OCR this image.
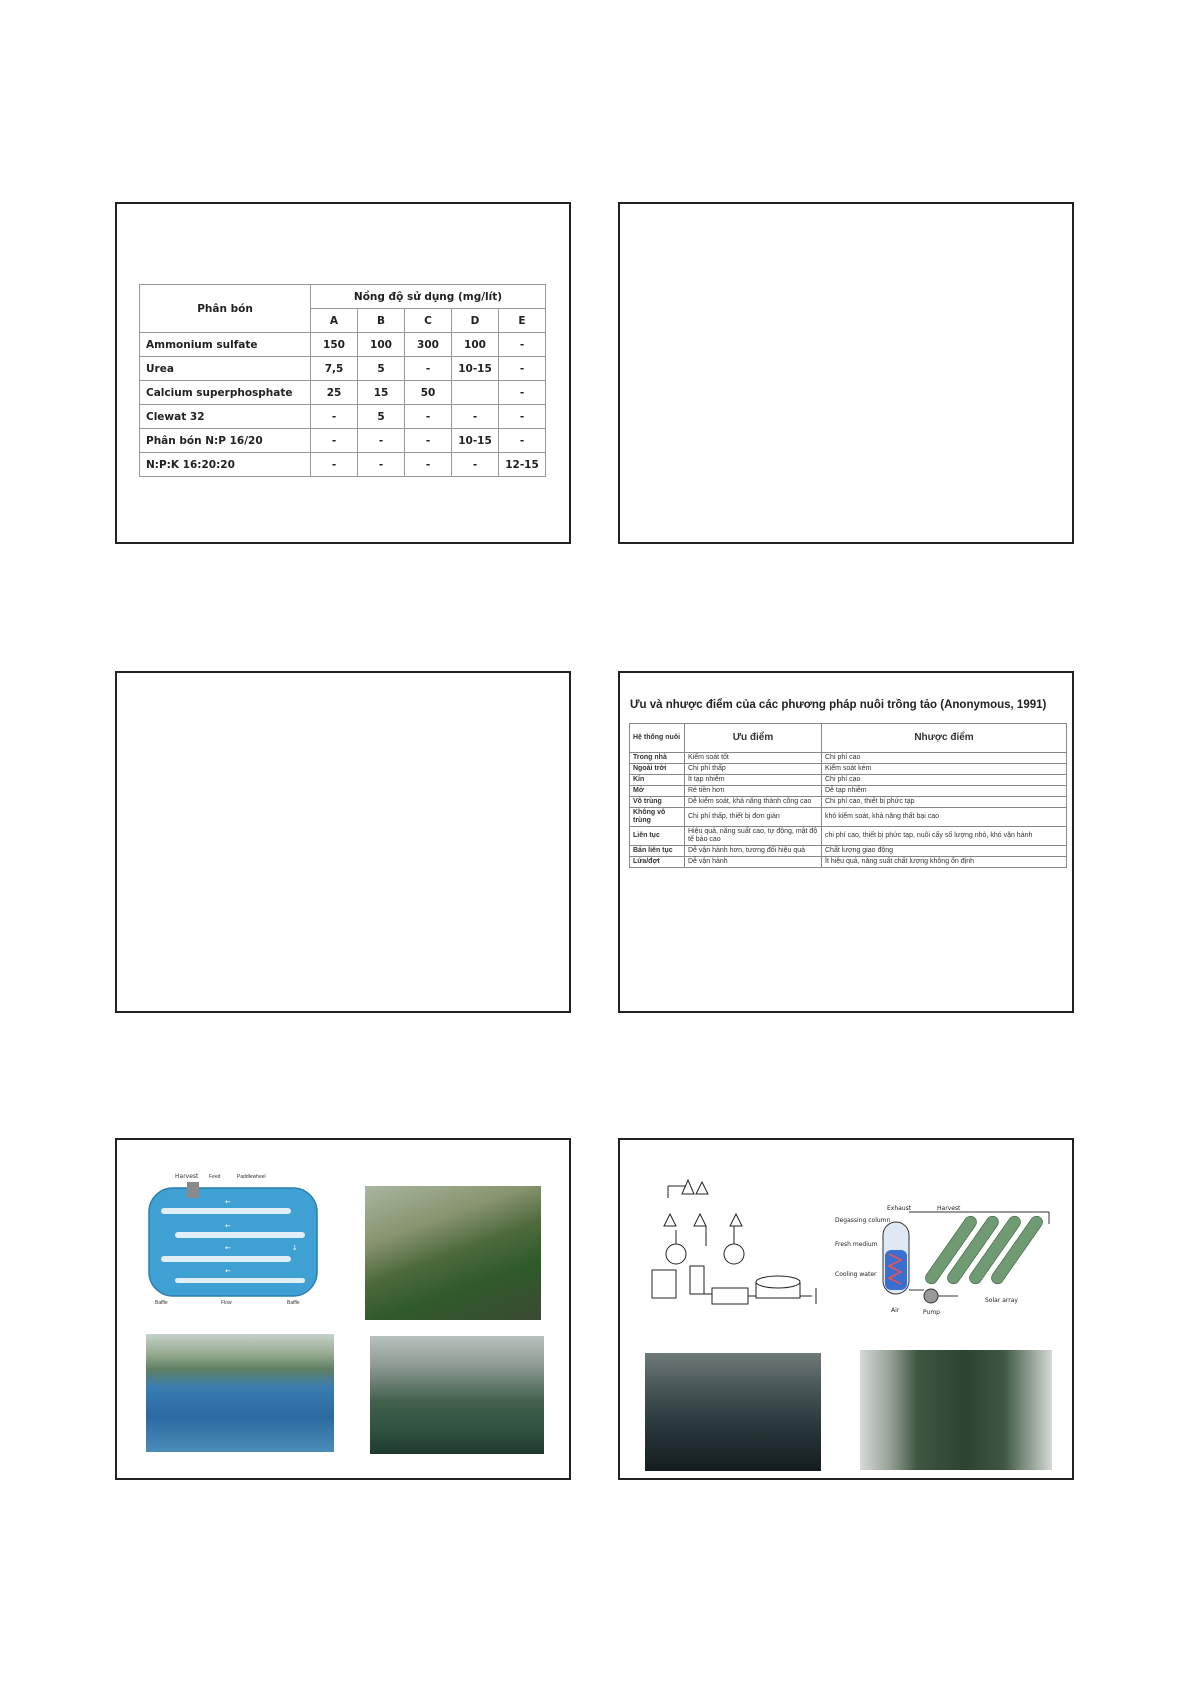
Phân bón	Nồng độ sử dụng (mg/lít)				
	A	B	C	D	E
Ammonium sulfate	150	100	300	100	-
Urea	7,5	5	-	10-15	-
Calcium superphosphate	25	15	50		-
Clewat 32	-	5	-	-	-
Phân bón N:P 16/20	-	-	-	10-15	-
N:P:K 16:20:20	-	-	-	-	12-15
Ưu và nhược điểm của các phương pháp nuôi trồng tảo (Anonymous, 1991)
Hệ thống nuôi	Ưu điểm	Nhược điểm
Trong nhà	Kiểm soát tốt	Chi phí cao
Ngoài trời	Chi phí thấp	Kiểm soát kém
Kín	Ít tạp nhiễm	Chi phí cao
Mở	Rẻ tiền hơn	Dễ tạp nhiễm
Vô trùng	Dễ kiểm soát, khả năng thành công cao	Chi phí cao, thiết bị phức tạp
Không vô trùng	Chi phí thấp, thiết bị đơn giản	khó kiểm soát, khả năng thất bại cao
Liên tục	Hiệu quả, năng suất cao, tự động, mật độ tế bào cao	chi phí cao, thiết bị phức tạp, nuôi cấy số lượng nhỏ, khó vận hành
Bán liên tục	Dễ vận hành hơn, tương đối hiệu quả	Chất lượng giao động
Lứa/đợt	Dễ vận hành	Ít hiệu quả, năng suất chất lượng không ổn định
←
←
←
←
↓
Harvest Feed	Paddlewheel
Baffle	Flow	Baffle
Exhaust	Harvest
Degassing column
Fresh medium
Cooling water
Air	Pump
Solar array
